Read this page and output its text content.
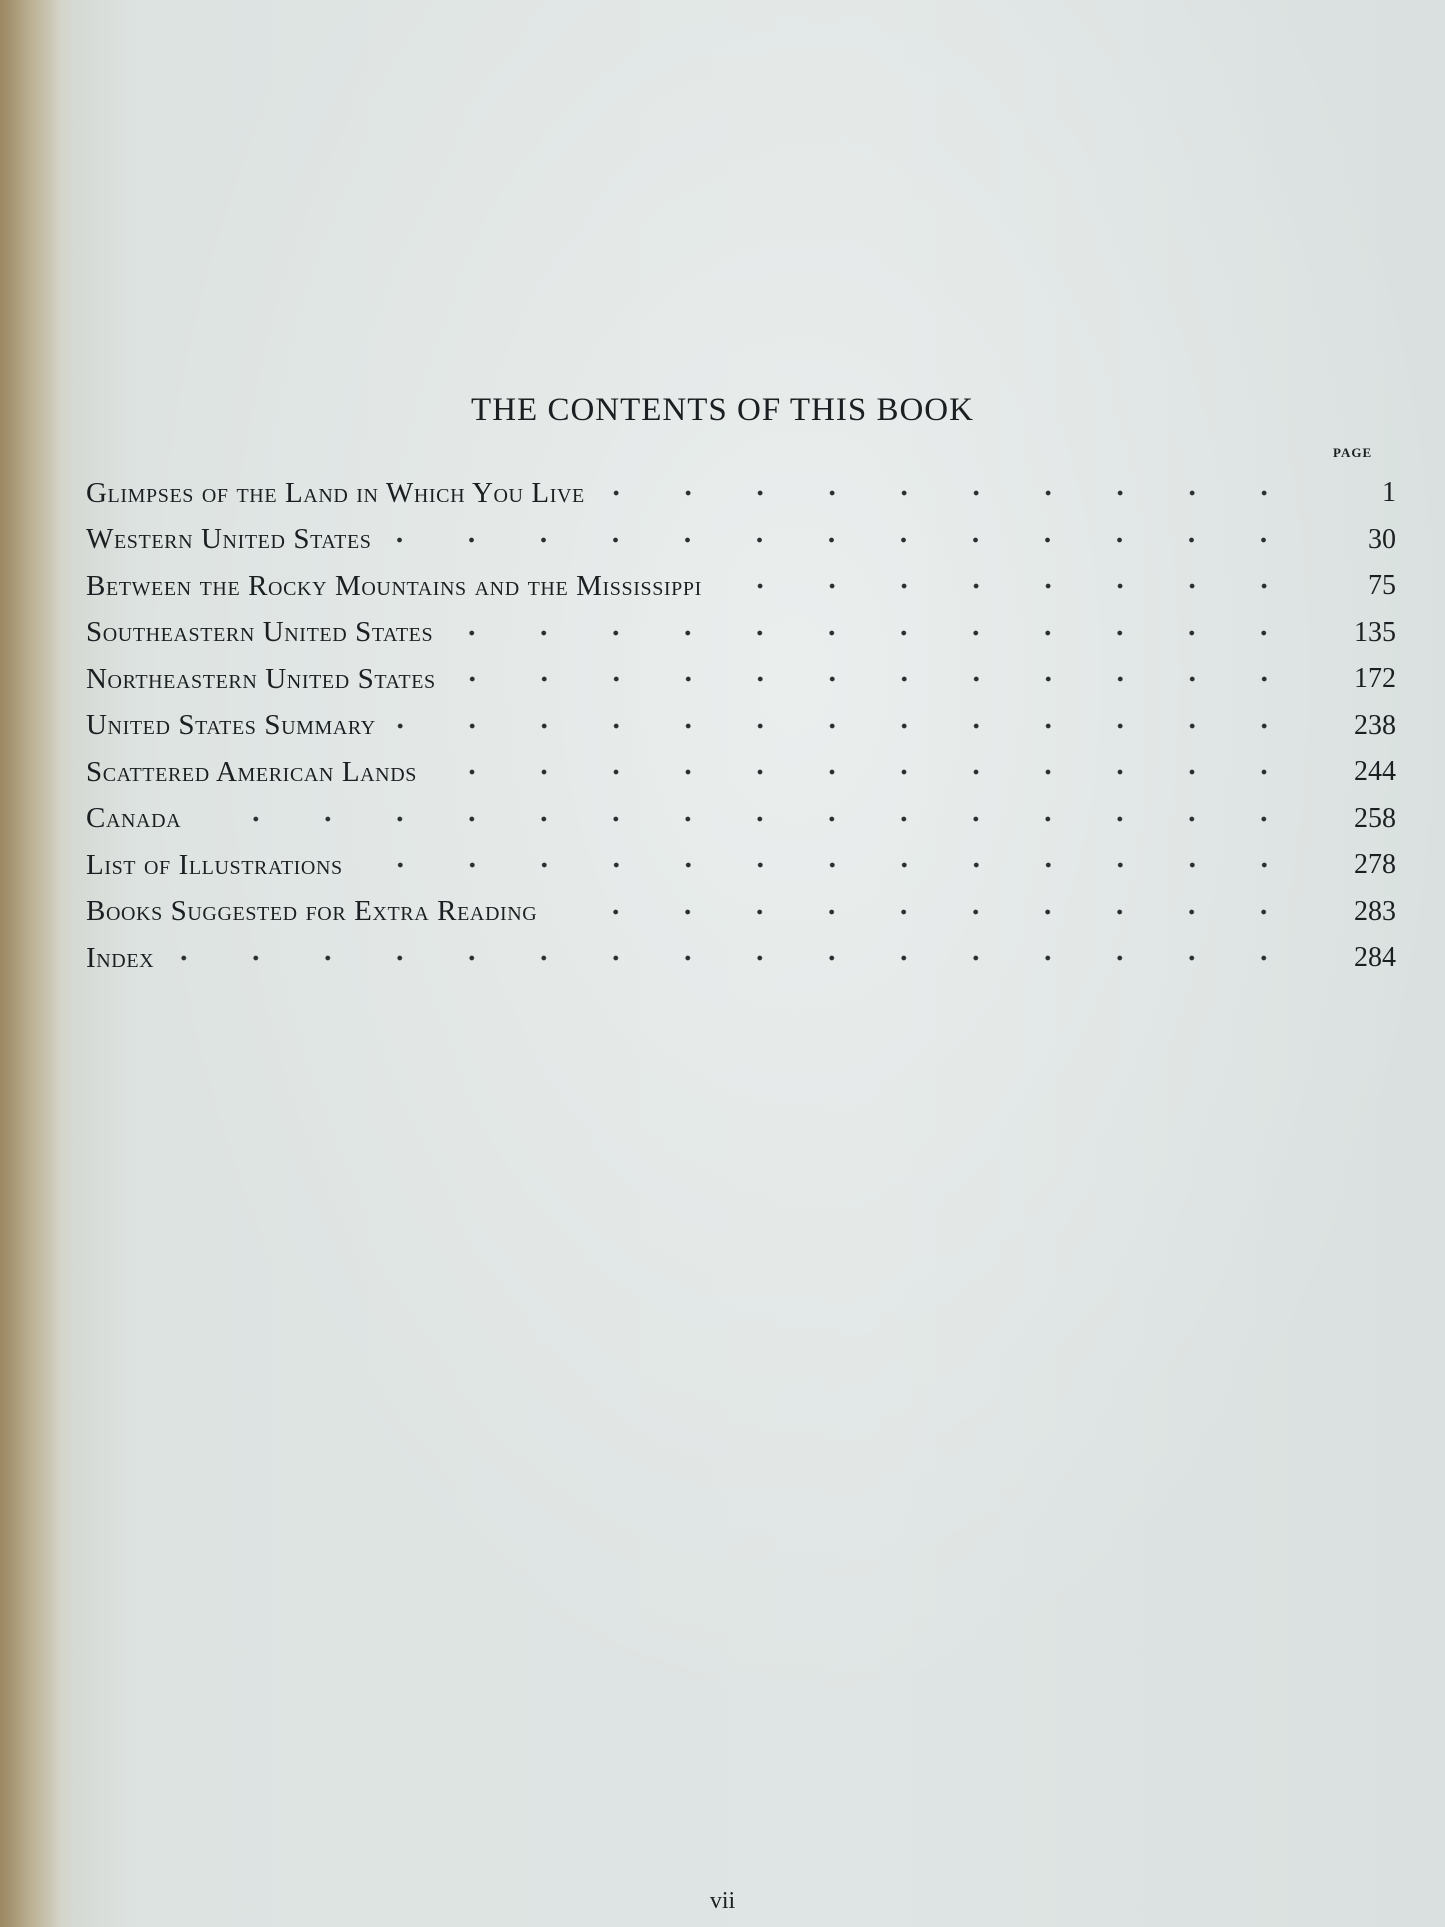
THE CONTENTS OF THIS BOOK
PAGE
Glimpses of the Land in Which You Live	1
Western United States	30
Between the Rocky Mountains and the Mississippi	75
Southeastern United States	135
Northeastern United States	172
United States Summary	238
Scattered American Lands	244
Canada	258
List of Illustrations	278
Books Suggested for Extra Reading	283
Index	284
vii
